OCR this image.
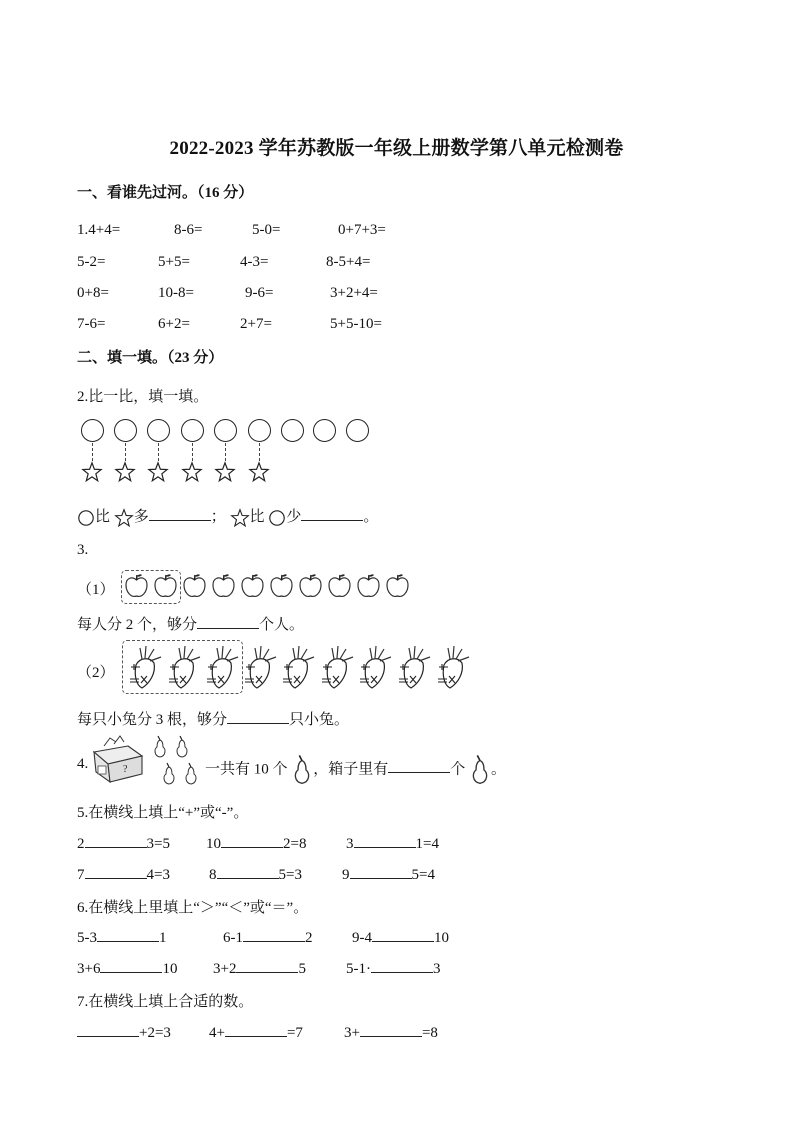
2022-2023 学年苏教版一年级上册数学第八单元检测卷
一、看谁先过河。（16 分）
1.4+4=	8-6=	5-0=	0+7+3=
5-2=	5+5=	4-3=	8-5+4=
0+8=	10-8=	9-6=	3+2+4=
7-6=	6+2=	2+7=	5+5-10=
二、填一填。（23 分）
2.比一比，填一填。
比 多	； 比 少	。
3.
（1）
每人分 2 个，够分	个人。
（2）
每只小兔分 3 根，够分	只小兔。
4.	?	一共有 10 个 ，箱子里有	个 。
5.在横线上填上“+”或“-”。
2	3=5 10	2=8	3	1=4
7	4=3	8	5=3	9	5=4
6.在横线上里填上“＞”“＜”或“＝”。
5-3	1	6-1	2	9-4	10
3+6	10 3+2	5	5-1·	3
7.在横线上填上合适的数。
+2=3	4+	=7	3+	=8
